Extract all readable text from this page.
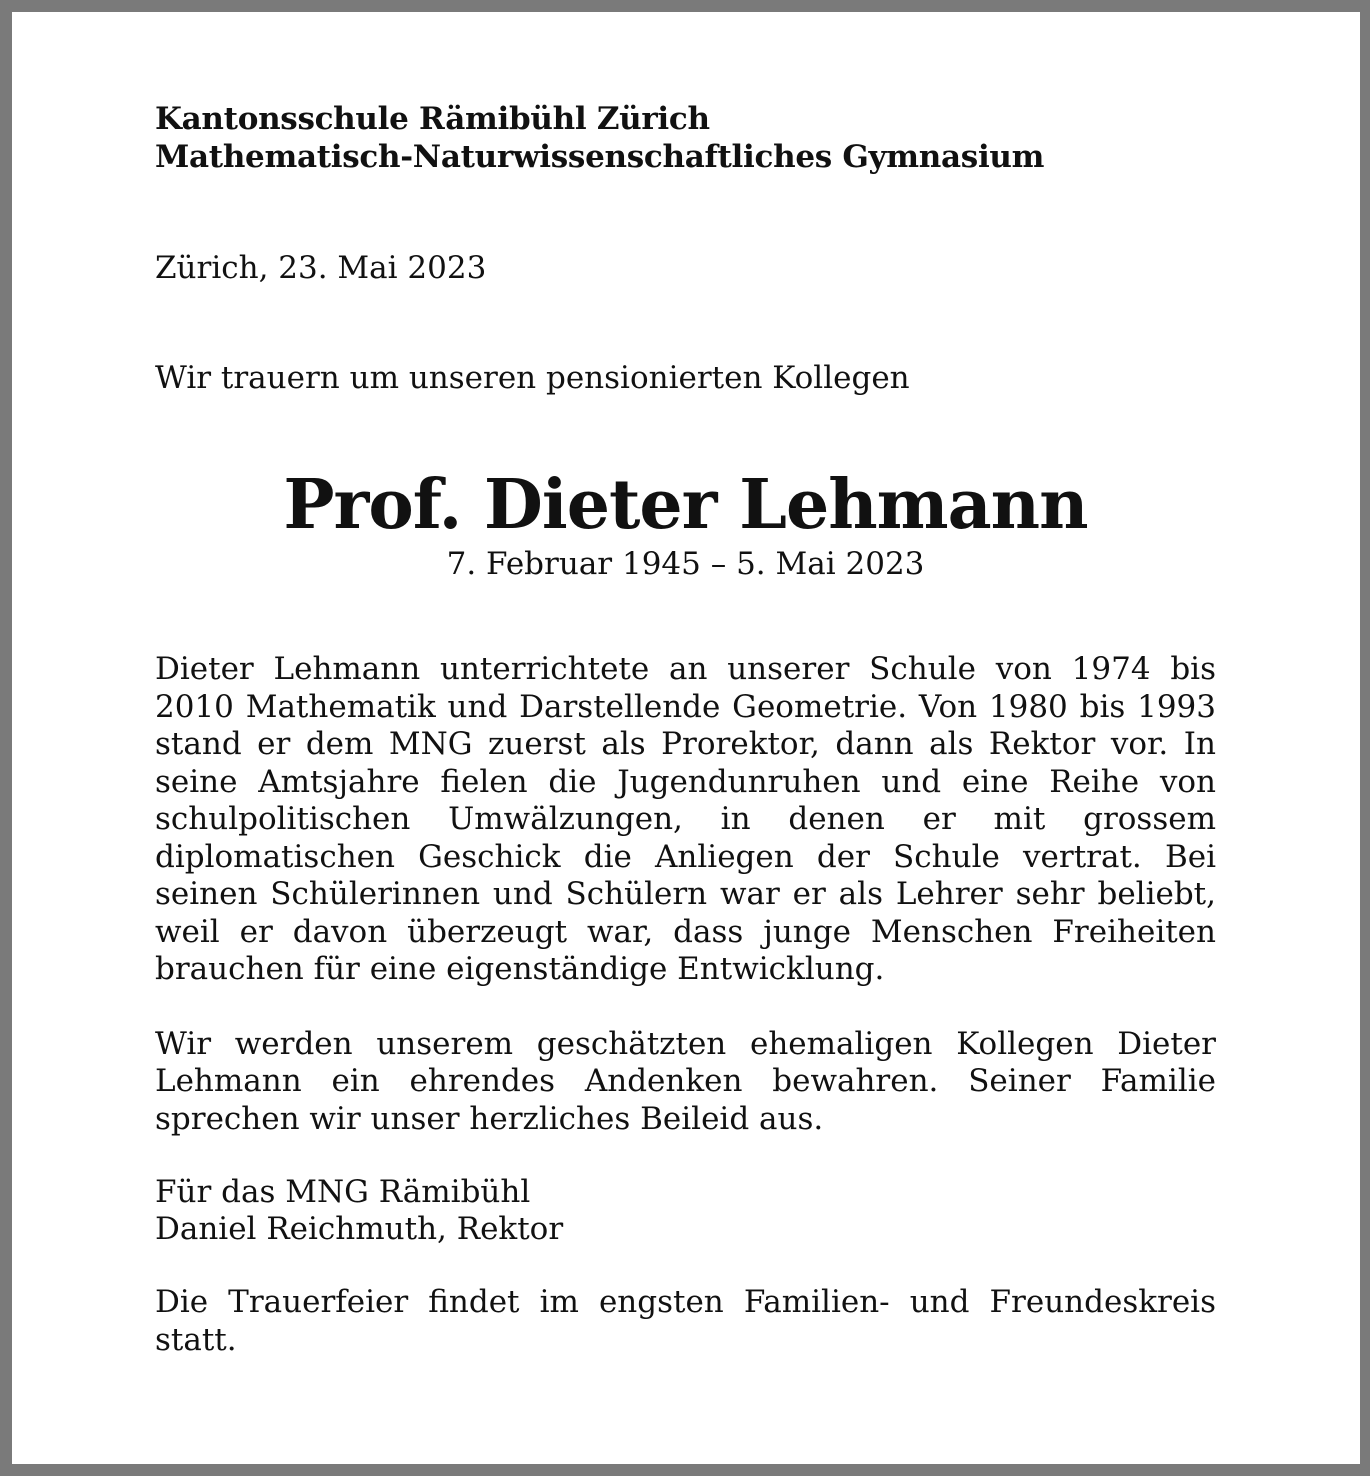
Kantonsschule Rämibühl Zürich
Mathematisch-Naturwissenschaftliches Gymnasium
Zürich, 23. Mai 2023
Wir trauern um unseren pensionierten Kollegen
Prof. Dieter Lehmann
7. Februar 1945 – 5. Mai 2023

Dieter Lehmann unterrichtete an unserer Schule von 1974 bis 2010 Mathematik und Darstellende Geometrie. Von 1980 bis 1993 stand er dem MNG zuerst als Prorektor, dann als Rektor vor. In seine Amtsjahre fielen die Jugendunruhen und eine Reihe von schulpolitischen Umwälzungen, in denen er mit grossem diplomatischen Geschick die Anliegen der Schule vertrat. Bei seinen Schülerinnen und Schülern war er als Lehrer sehr beliebt, weil er davon überzeugt war, dass junge Menschen Freiheiten brauchen für eine eigenständige Entwicklung.

Wir werden unserem geschätzten ehemaligen Kollegen Dieter Lehmann ein ehrendes Andenken bewahren. Seiner Familie sprechen wir unser herzliches Beileid aus.

Für das MNG Rämibühl
Daniel Reichmuth, Rektor

Die Trauerfeier findet im engsten Familien- und Freundeskreis statt.
